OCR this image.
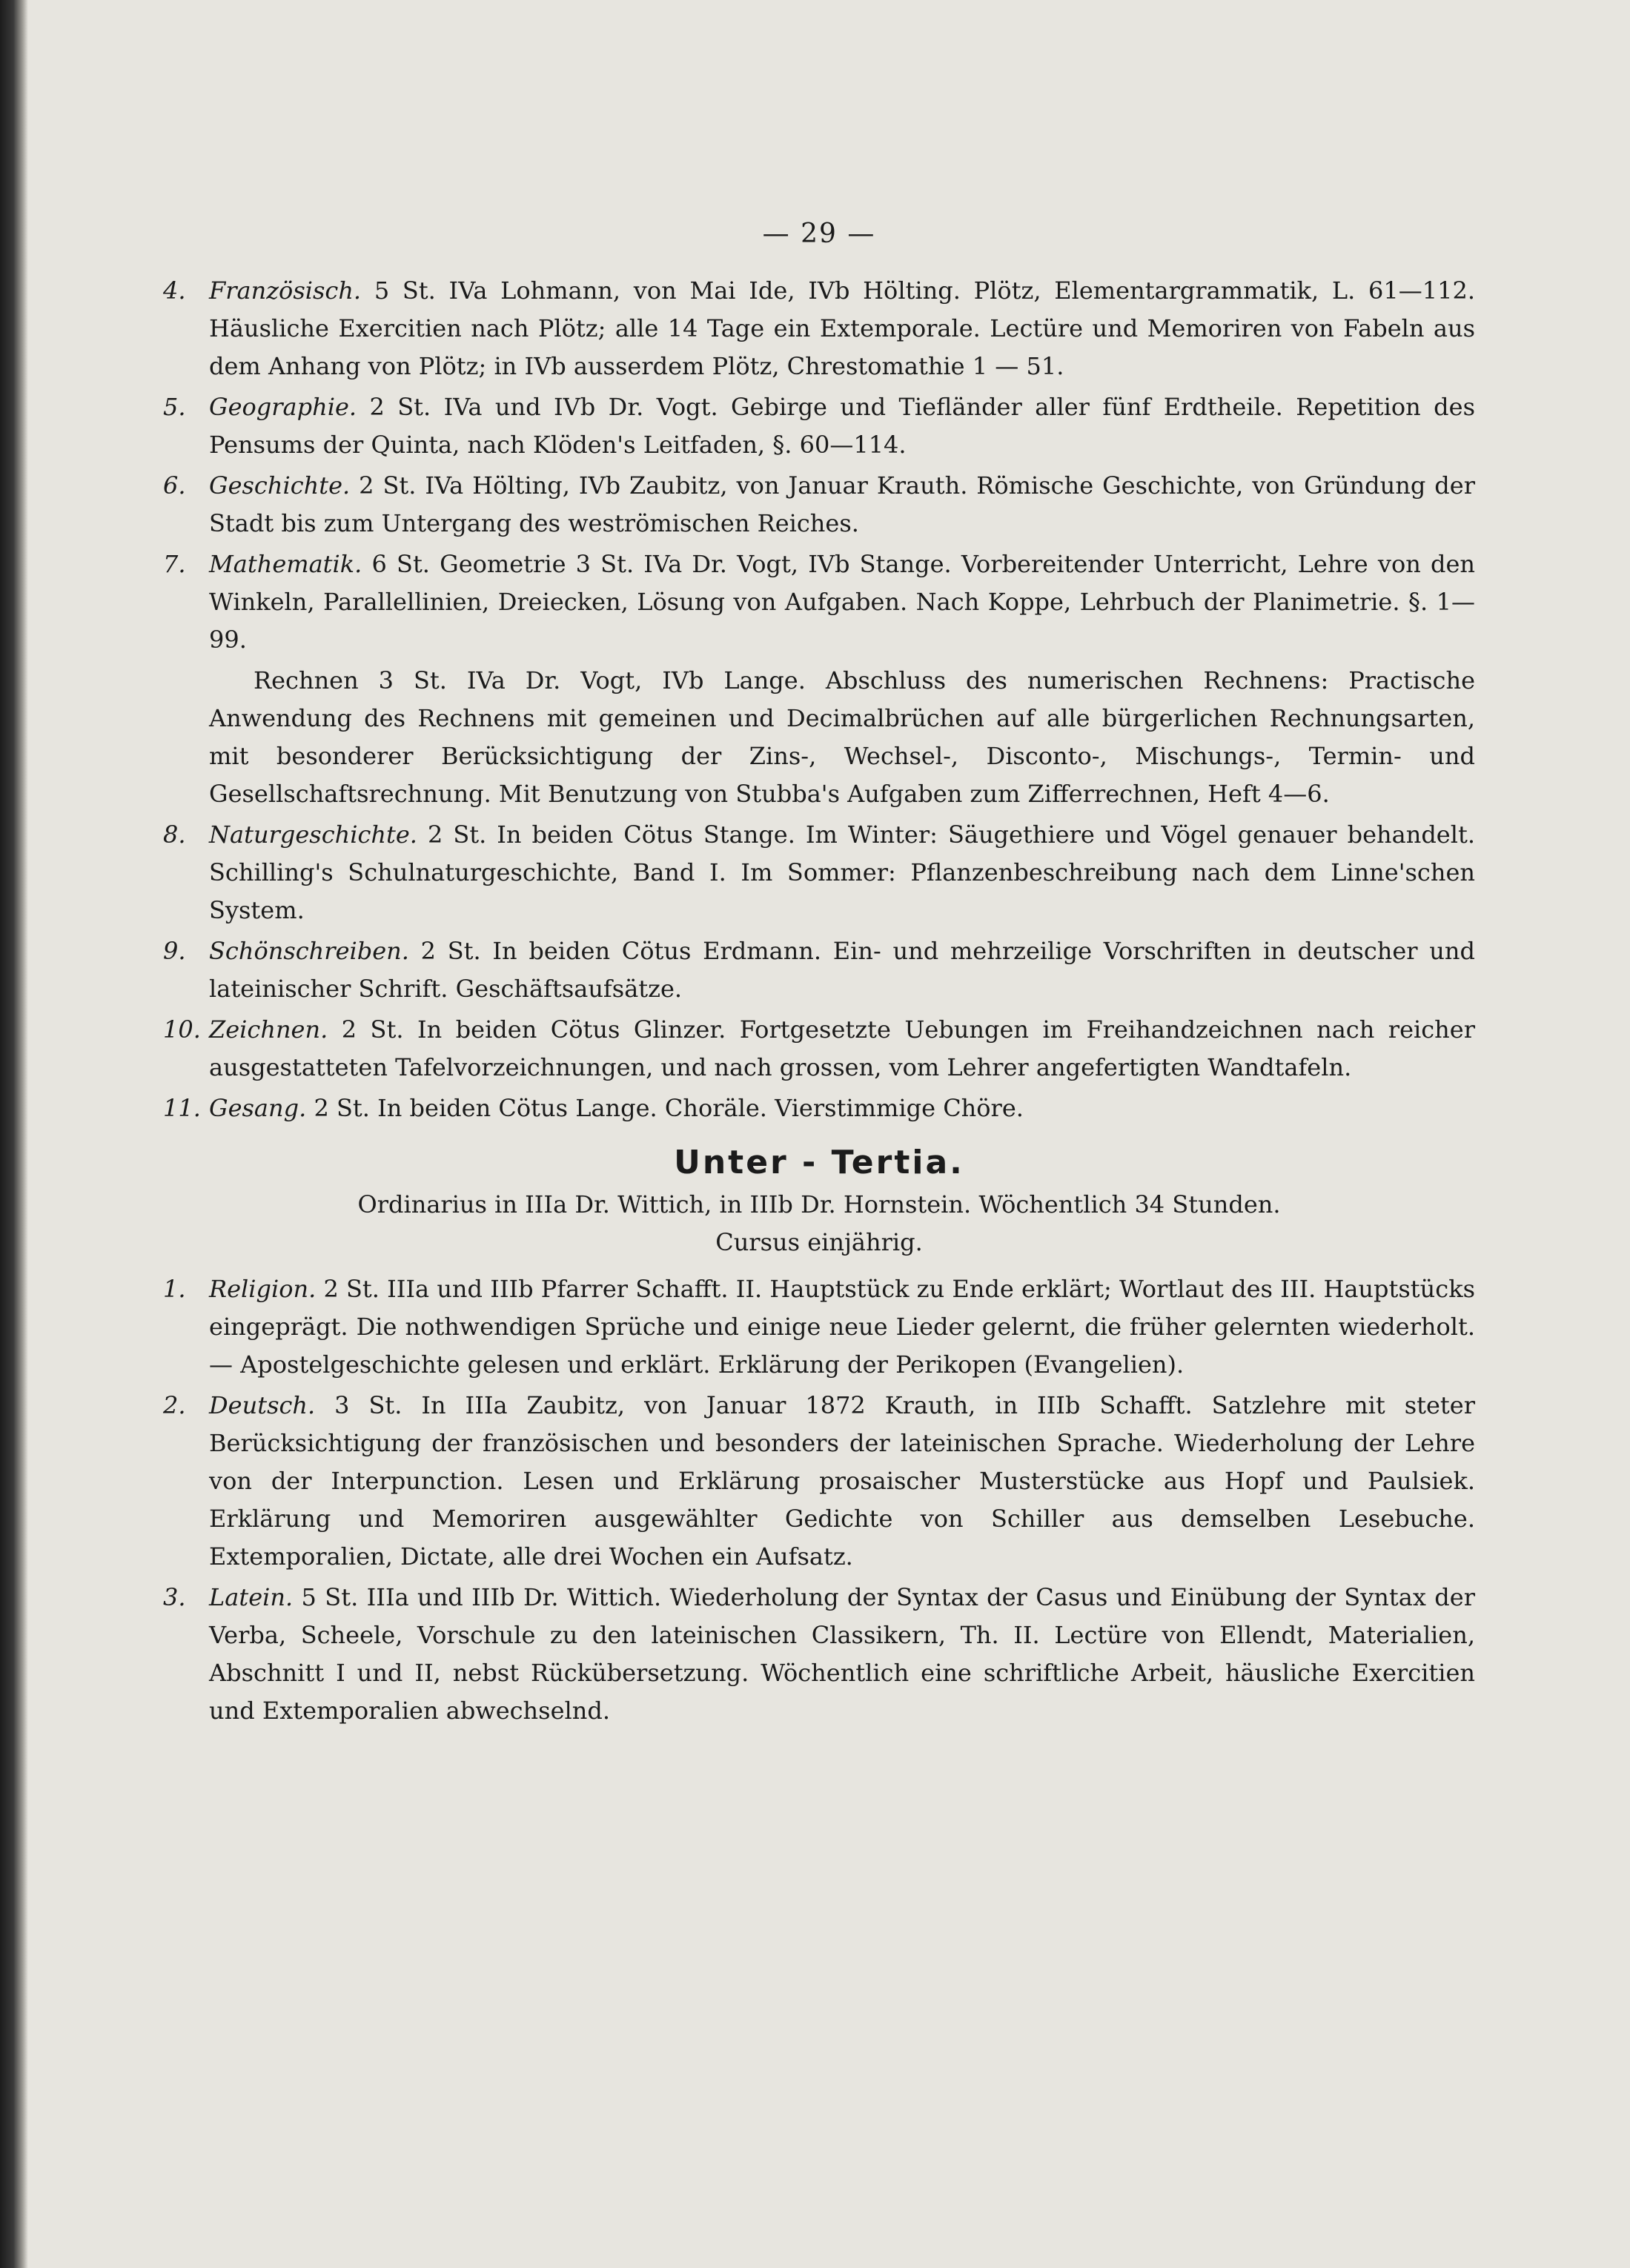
— 29 —
4. Französisch. 5 St. IVa Lohmann, von Mai Ide, IVb Hölting. Plötz, Elementargrammatik, L. 61—112. Häusliche Exercitien nach Plötz; alle 14 Tage ein Extemporale. Lectüre und Memoriren von Fabeln aus dem Anhang von Plötz; in IVb ausserdem Plötz, Chrestomathie 1 — 51.
5. Geographie. 2 St. IVa und IVb Dr. Vogt. Gebirge und Tiefländer aller fünf Erdtheile. Repetition des Pensums der Quinta, nach Klöden's Leitfaden, §. 60—114.
6. Geschichte. 2 St. IVa Hölting, IVb Zaubitz, von Januar Krauth. Römische Geschichte, von Gründung der Stadt bis zum Untergang des weströmischen Reiches.
7. Mathematik. 6 St. Geometrie 3 St. IVa Dr. Vogt, IVb Stange. Vorbereitender Unterricht, Lehre von den Winkeln, Parallellinien, Dreiecken, Lösung von Aufgaben. Nach Koppe, Lehrbuch der Planimetrie. §. 1—99.
Rechnen 3 St. IVa Dr. Vogt, IVb Lange. Abschluss des numerischen Rechnens: Practische Anwendung des Rechnens mit gemeinen und Decimalbrüchen auf alle bürgerlichen Rechnungsarten, mit besonderer Berücksichtigung der Zins-, Wechsel-, Disconto-, Mischungs-, Termin- und Gesellschaftsrechnung. Mit Benutzung von Stubba's Aufgaben zum Zifferrechnen, Heft 4—6.
8. Naturgeschichte. 2 St. In beiden Cötus Stange. Im Winter: Säugethiere und Vögel genauer behandelt. Schilling's Schulnaturgeschichte, Band I. Im Sommer: Pflanzenbeschreibung nach dem Linne'schen System.
9. Schönschreiben. 2 St. In beiden Cötus Erdmann. Ein- und mehrzeilige Vorschriften in deutscher und lateinischer Schrift. Geschäftsaufsätze.
10. Zeichnen. 2 St. In beiden Cötus Glinzer. Fortgesetzte Uebungen im Freihandzeichnen nach reicher ausgestatteten Tafelvorzeichnungen, und nach grossen, vom Lehrer angefertigten Wandtafeln.
11. Gesang. 2 St. In beiden Cötus Lange. Choräle. Vierstimmige Chöre.
Unter - Tertia.
Ordinarius in IIIa Dr. Wittich, in IIIb Dr. Hornstein. Wöchentlich 34 Stunden.
Cursus einjährig.
1. Religion. 2 St. IIIa und IIIb Pfarrer Schafft. II. Hauptstück zu Ende erklärt; Wortlaut des III. Hauptstücks eingeprägt. Die nothwendigen Sprüche und einige neue Lieder gelernt, die früher gelernten wiederholt. — Apostelgeschichte gelesen und erklärt. Erklärung der Perikopen (Evangelien).
2. Deutsch. 3 St. In IIIa Zaubitz, von Januar 1872 Krauth, in IIIb Schafft. Satzlehre mit steter Berücksichtigung der französischen und besonders der lateinischen Sprache. Wiederholung der Lehre von der Interpunction. Lesen und Erklärung prosaischer Musterstücke aus Hopf und Paulsiek. Erklärung und Memoriren ausgewählter Gedichte von Schiller aus demselben Lesebuche. Extemporalien, Dictate, alle drei Wochen ein Aufsatz.
3. Latein. 5 St. IIIa und IIIb Dr. Wittich. Wiederholung der Syntax der Casus und Einübung der Syntax der Verba, Scheele, Vorschule zu den lateinischen Classikern, Th. II. Lectüre von Ellendt, Materialien, Abschnitt I und II, nebst Rückübersetzung. Wöchentlich eine schriftliche Arbeit, häusliche Exercitien und Extemporalien abwechselnd.
